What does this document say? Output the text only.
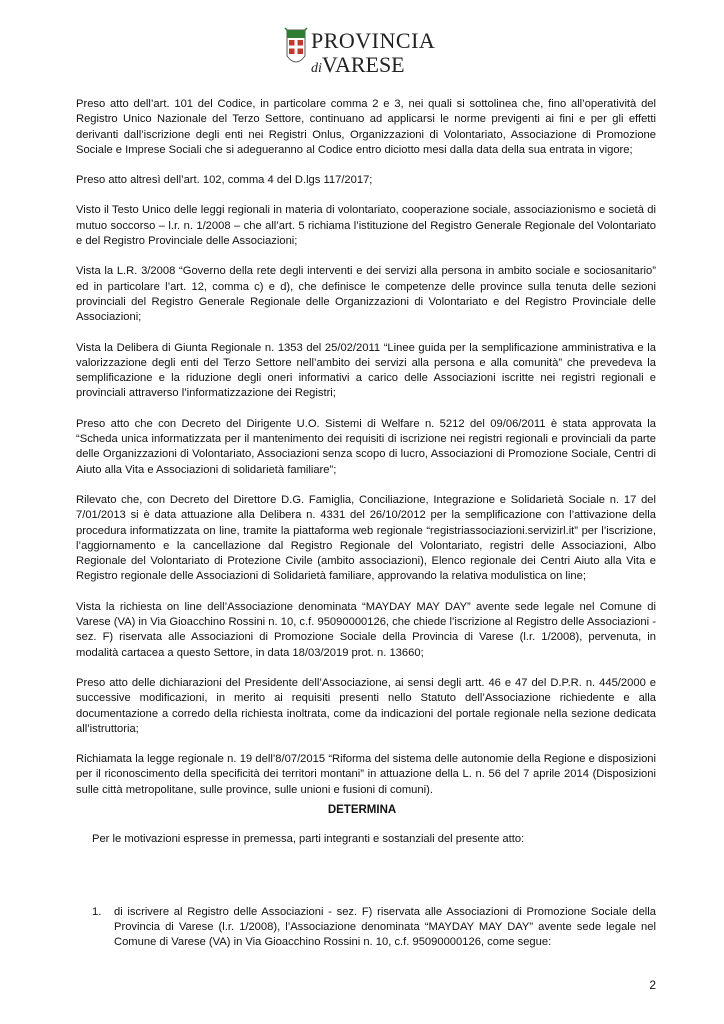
PROVINCIA
diVARESE

Preso atto dell’art. 101 del Codice, in particolare comma 2 e 3, nei quali si sottolinea che, fino all’operatività del Registro Unico Nazionale del Terzo Settore, continuano ad applicarsi le norme previgenti ai fini e per gli effetti derivanti dall’iscrizione degli enti nei Registri Onlus, Organizzazioni di Volontariato, Associazione di Promozione Sociale e Imprese Sociali che si adegueranno al Codice entro diciotto mesi dalla data della sua entrata in vigore;

Preso atto altresì dell’art. 102, comma 4 del D.lgs 117/2017;

Visto il Testo Unico delle leggi regionali in materia di volontariato, cooperazione sociale, associazionismo e società di mutuo soccorso – l.r. n. 1/2008 – che all’art. 5 richiama l’istituzione del Registro Generale Regionale del Volontariato e del Registro Provinciale delle Associazioni;

Vista la L.R. 3/2008 “Governo della rete degli interventi e dei servizi alla persona in ambito sociale e sociosanitario” ed in particolare l’art. 12, comma c) e d), che definisce le competenze delle province sulla tenuta delle sezioni provinciali del Registro Generale Regionale delle Organizzazioni di Volontariato e del Registro Provinciale delle Associazioni;

Vista la Delibera di Giunta Regionale n. 1353 del 25/02/2011 “Linee guida per la semplificazione amministrativa e la valorizzazione degli enti del Terzo Settore nell’ambito dei servizi alla persona e alla comunità” che prevedeva la semplificazione e la riduzione degli oneri informativi a carico delle Associazioni iscritte nei registri regionali e provinciali attraverso l’informatizzazione dei Registri;

Preso atto che con Decreto del Dirigente U.O. Sistemi di Welfare n. 5212 del 09/06/2011 è stata approvata la “Scheda unica informatizzata per il mantenimento dei requisiti di iscrizione nei registri regionali e provinciali da parte delle Organizzazioni di Volontariato, Associazioni senza scopo di lucro, Associazioni di Promozione Sociale, Centri di Aiuto alla Vita e Associazioni di solidarietà familiare”;

Rilevato che, con Decreto del Direttore D.G. Famiglia, Conciliazione, Integrazione e Solidarietà Sociale n. 17 del 7/01/2013 si è data attuazione alla Delibera n. 4331 del 26/10/2012 per la semplificazione con l’attivazione della procedura informatizzata on line, tramite la piattaforma web regionale “registriassociazioni.servizirl.it” per l’iscrizione, l’aggiornamento e la cancellazione dal Registro Regionale del Volontariato, registri delle Associazioni, Albo Regionale del Volontariato di Protezione Civile (ambito associazioni), Elenco regionale dei Centri Aiuto alla Vita e Registro regionale delle Associazioni di Solidarietà familiare, approvando la relativa modulistica on line;

Vista la richiesta on line dell’Associazione denominata “MAYDAY MAY DAY” avente sede legale nel Comune di Varese (VA) in Via Gioacchino Rossini n. 10, c.f. 95090000126, che chiede l’iscrizione al Registro delle Associazioni - sez. F) riservata alle Associazioni di Promozione Sociale della Provincia di Varese (l.r. 1/2008), pervenuta, in modalità cartacea a questo Settore, in data 18/03/2019 prot. n. 13660;

Preso atto delle dichiarazioni del Presidente dell’Associazione, ai sensi degli artt. 46 e 47 del D.P.R. n. 445/2000 e successive modificazioni, in merito ai requisiti presenti nello Statuto dell’Associazione richiedente e alla documentazione a corredo della richiesta inoltrata, come da indicazioni del portale regionale nella sezione dedicata all’istruttoria;

Richiamata la legge regionale n. 19 dell’8/07/2015 “Riforma del sistema delle autonomie della Regione e disposizioni per il riconoscimento della specificità dei territori montani” in attuazione della L. n. 56 del 7 aprile 2014 (Disposizioni sulle città metropolitane, sulle province, sulle unioni e fusioni di comuni).

DETERMINA
Per le motivazioni espresse in premessa, parti integranti e sostanziali del presente atto:
1. di iscrivere al Registro delle Associazioni - sez. F) riservata alle Associazioni di Promozione Sociale della Provincia di Varese (l.r. 1/2008), l’Associazione denominata “MAYDAY MAY DAY” avente sede legale nel Comune di Varese (VA) in Via Gioacchino Rossini n. 10, c.f. 95090000126, come segue:
2
